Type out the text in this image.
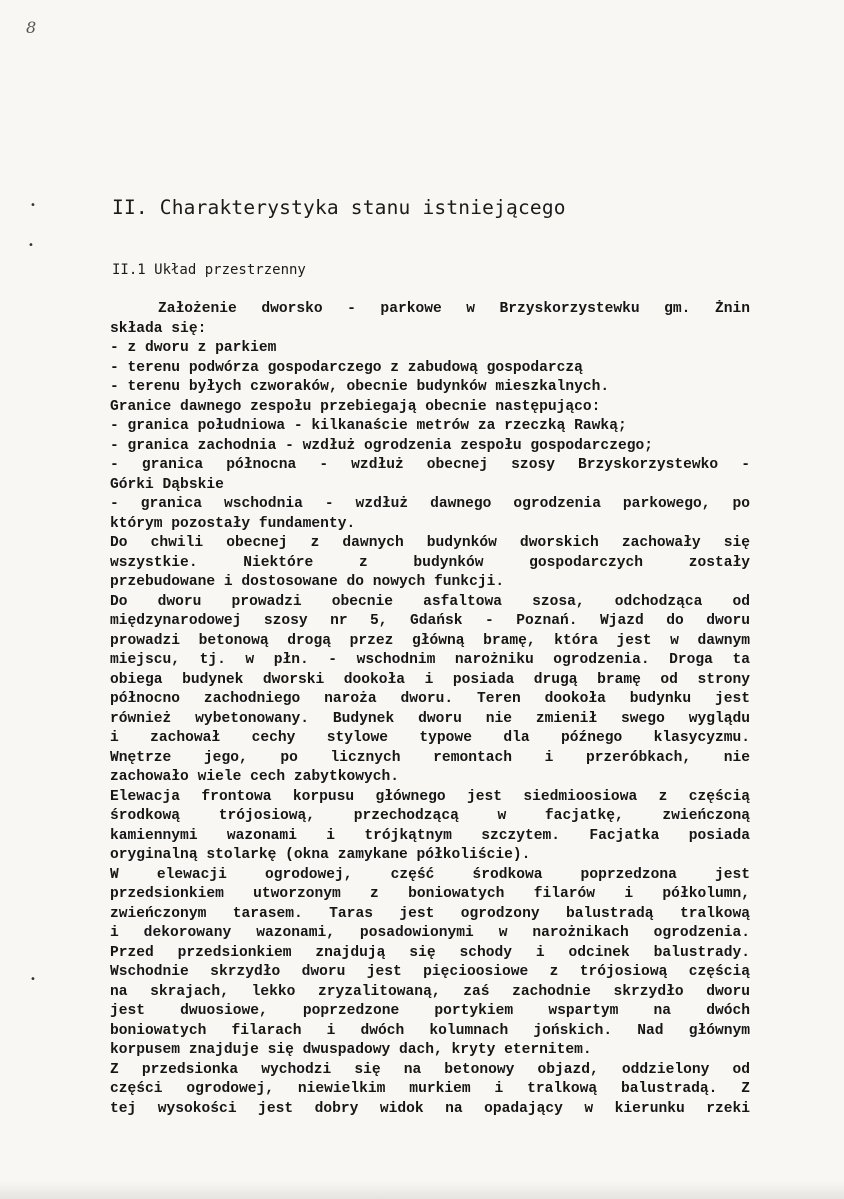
8
•
•
•
II. Charakterystyka stanu istniejącego
II.1 Układ przestrzenny
Założenie dworsko - parkowe w Brzyskorzystewku gm. Żnin
składa się:
- z dworu z parkiem
- terenu podwórza gospodarczego z zabudową gospodarczą
- terenu byłych czworaków, obecnie budynków mieszkalnych.
Granice dawnego zespołu przebiegają obecnie następująco:
- granica południowa - kilkanaście metrów za rzeczką Rawką;
- granica zachodnia - wzdłuż ogrodzenia zespołu gospodarczego;
- granica północna - wzdłuż obecnej szosy Brzyskorzystewko -
Górki Dąbskie
- granica wschodnia - wzdłuż dawnego ogrodzenia parkowego, po
którym pozostały fundamenty.
Do chwili obecnej z dawnych budynków dworskich zachowały się
wszystkie. Niektóre z budynków gospodarczych zostały
przebudowane i dostosowane do nowych funkcji.
Do dworu prowadzi obecnie asfaltowa szosa, odchodząca od
międzynarodowej szosy nr 5, Gdańsk - Poznań. Wjazd do dworu
prowadzi betonową drogą przez główną bramę, która jest w dawnym
miejscu, tj. w płn. - wschodnim narożniku ogrodzenia. Droga ta
obiega budynek dworski dookoła i posiada drugą bramę od strony
północno zachodniego naroża dworu. Teren dookoła budynku jest
również wybetonowany. Budynek dworu nie zmienił swego wyglądu
i zachował cechy stylowe typowe dla późnego klasycyzmu.
Wnętrze jego, po licznych remontach i przeróbkach, nie
zachowało wiele cech zabytkowych.
Elewacja frontowa korpusu głównego jest siedmioosiowa z częścią
środkową trójosiową, przechodzącą w facjatkę, zwieńczoną
kamiennymi wazonami i trójkątnym szczytem. Facjatka posiada
oryginalną stolarkę (okna zamykane półkoliście).
W elewacji ogrodowej, część środkowa poprzedzona jest
przedsionkiem utworzonym z boniowatych filarów i półkolumn,
zwieńczonym tarasem. Taras jest ogrodzony balustradą tralkową
i dekorowany wazonami, posadowionymi w narożnikach ogrodzenia.
Przed przedsionkiem znajdują się schody i odcinek balustrady.
Wschodnie skrzydło dworu jest pięcioosiowe z trójosiową częścią
na skrajach, lekko zryzalitowaną, zaś zachodnie skrzydło dworu
jest dwuosiowe, poprzedzone portykiem wspartym na dwóch
boniowatych filarach i dwóch kolumnach jońskich. Nad głównym
korpusem znajduje się dwuspadowy dach, kryty eternitem.
Z przedsionka wychodzi się na betonowy objazd, oddzielony od
części ogrodowej, niewielkim murkiem i tralkową balustradą. Z
tej wysokości jest dobry widok na opadający w kierunku rzeki
